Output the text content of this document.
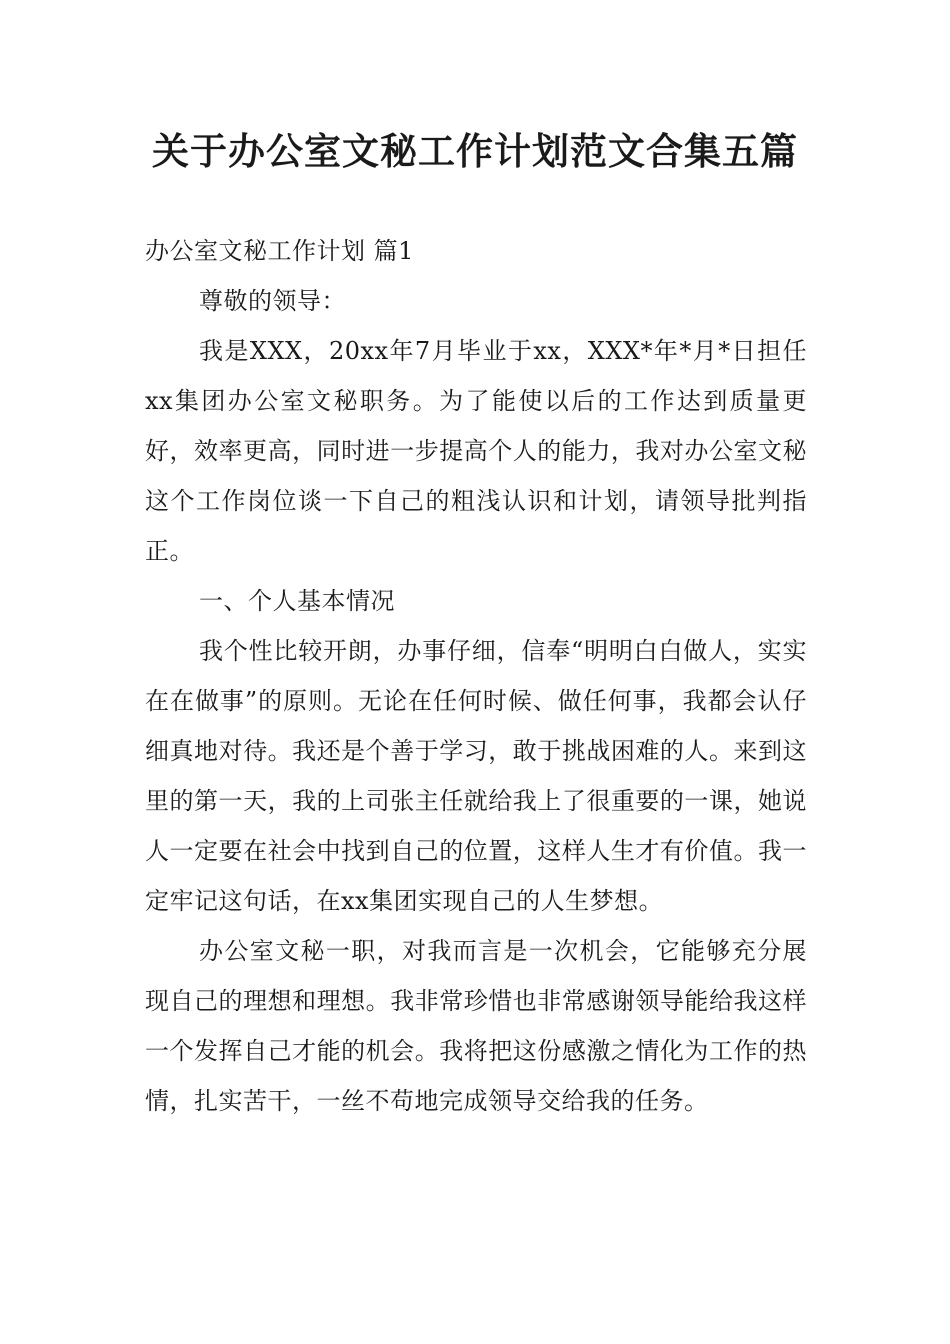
关于办公室文秘工作计划范文合集五篇

办公室文秘工作计划 篇1

尊敬的领导：

我是XXX，20xx年7月毕业于xx，XXX*年*月*日担任xx集团办公室文秘职务。为了能使以后的工作达到质量更好，效率更高，同时进一步提高个人的能力，我对办公室文秘这个工作岗位谈一下自己的粗浅认识和计划，请领导批判指正。

一、个人基本情况

我个性比较开朗，办事仔细，信奉“明明白白做人，实实在在做事”的原则。无论在任何时候、做任何事，我都会认仔细真地对待。我还是个善于学习，敢于挑战困难的人。来到这里的第一天，我的上司张主任就给我上了很重要的一课，她说人一定要在社会中找到自己的位置，这样人生才有价值。我一定牢记这句话，在xx集团实现自己的人生梦想。

办公室文秘一职，对我而言是一次机会，它能够充分展现自己的理想和理想。我非常珍惜也非常感谢领导能给我这样一个发挥自己才能的机会。我将把这份感激之情化为工作的热情，扎实苦干，一丝不苟地完成领导交给我的任务。
